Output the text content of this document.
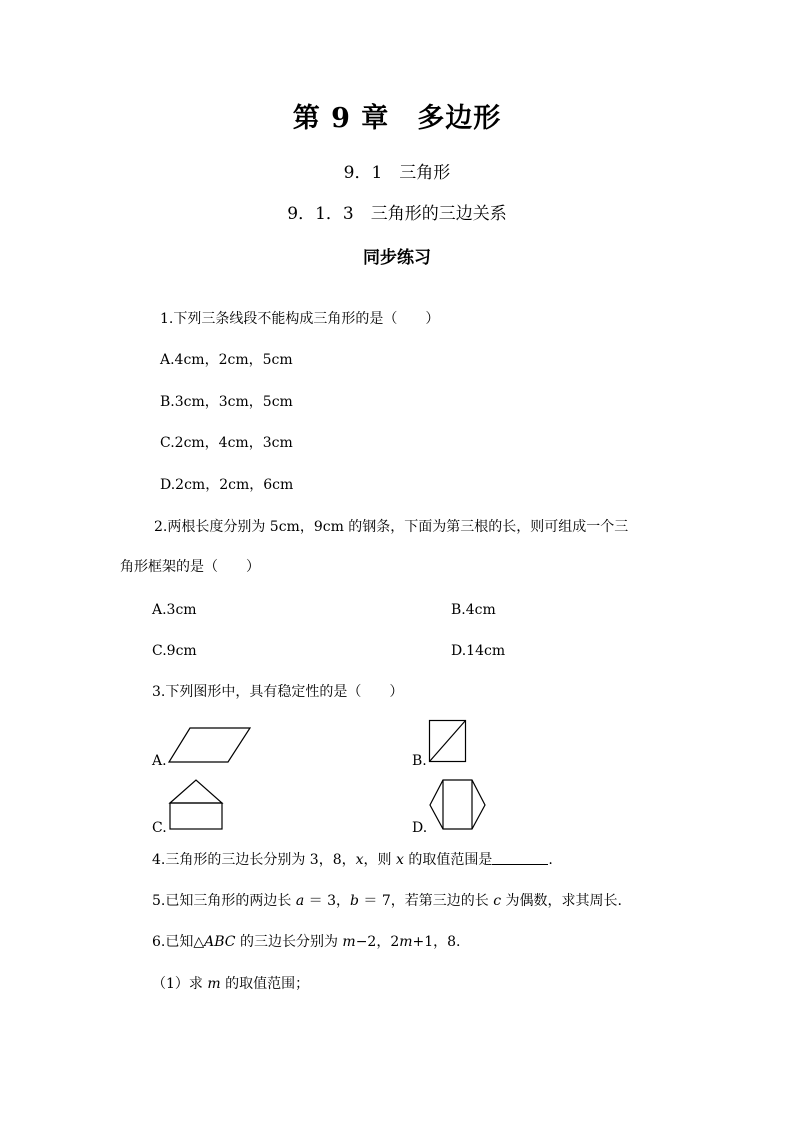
第 9 章　多边形
9．1　三角形
9．1．3　三角形的三边关系
同步练习
1.下列三条线段不能构成三角形的是（　　）
A.4cm，2cm，5cm
B.3cm，3cm，5cm
C.2cm，4cm，3cm
D.2cm，2cm，6cm
2.两根长度分别为 5cm，9cm 的钢条，下面为第三根的长，则可组成一个三
角形框架的是（　　）
A.3cm	B.4cm
C.9cm	D.14cm
3.下列图形中，具有稳定性的是（　　）
A.	B.
C.	D.
4.三角形的三边长分别为 3，8，x，则 x 的取值范围是	.
5.已知三角形的两边长 a ＝ 3，b ＝ 7，若第三边的长 c 为偶数，求其周长.
6.已知△ABC 的三边长分别为 m−2，2m+1，8.
（1）求 m 的取值范围；
